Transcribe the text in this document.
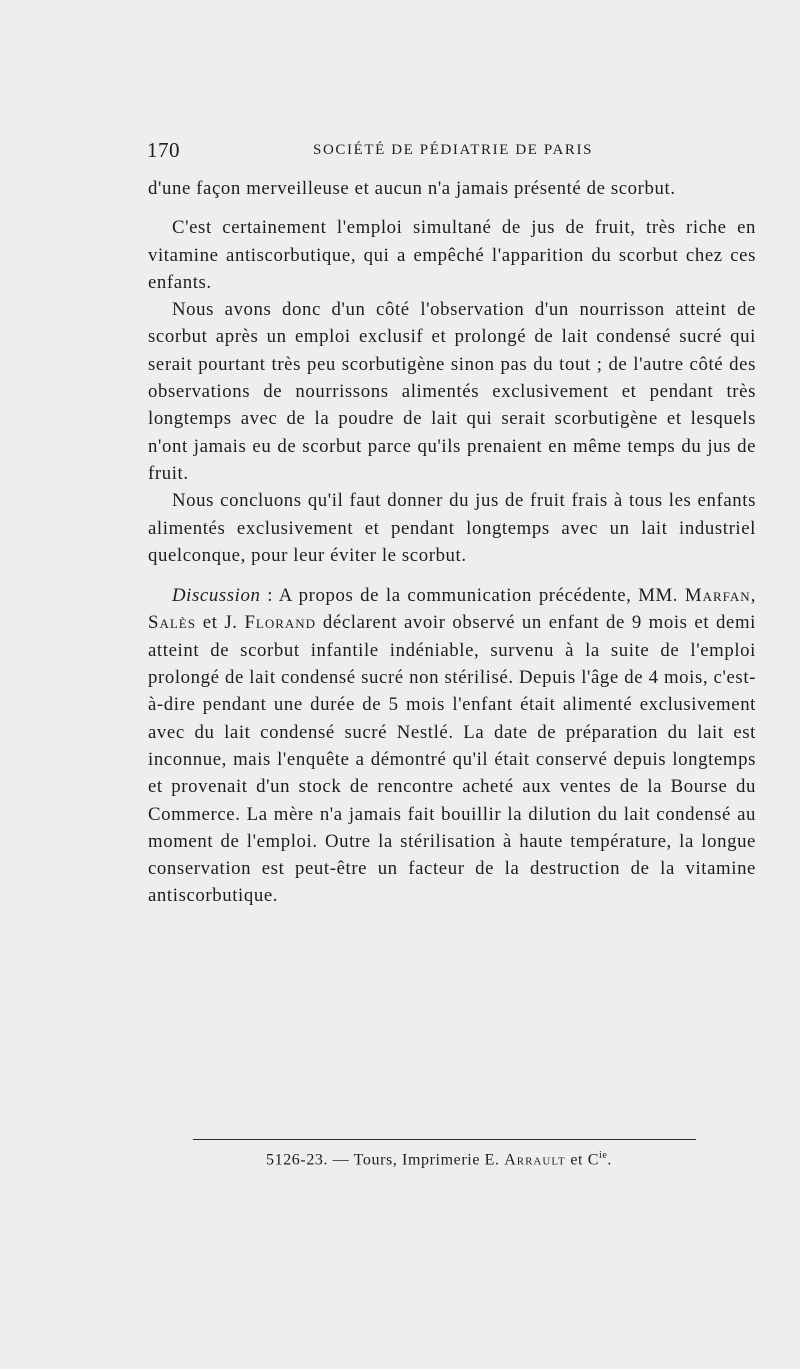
170	SOCIÉTÉ DE PÉDIATRIE DE PARIS

d'une façon merveilleuse et aucun n'a jamais présenté de scorbut.

C'est certainement l'emploi simultané de jus de fruit, très riche en vitamine antiscorbutique, qui a empêché l'apparition du scorbut chez ces enfants.

Nous avons donc d'un côté l'observation d'un nourrisson atteint de scorbut après un emploi exclusif et prolongé de lait condensé sucré qui serait pourtant très peu scorbutigène sinon pas du tout ; de l'autre côté des observations de nourrissons alimentés exclusivement et pendant très longtemps avec de la poudre de lait qui serait scorbutigène et lesquels n'ont jamais eu de scorbut parce qu'ils prenaient en même temps du jus de fruit.

Nous concluons qu'il faut donner du jus de fruit frais à tous les enfants alimentés exclusivement et pendant longtemps avec un lait industriel quelconque, pour leur éviter le scorbut.

Discussion : A propos de la communication précédente, MM. Marfan, Salès et J. Florand déclarent avoir observé un enfant de 9 mois et demi atteint de scorbut infantile indéniable, survenu à la suite de l'emploi prolongé de lait condensé sucré non stérilisé. Depuis l'âge de 4 mois, c'est-à-dire pendant une durée de 5 mois l'enfant était alimenté exclusivement avec du lait condensé sucré Nestlé. La date de préparation du lait est inconnue, mais l'enquête a démontré qu'il était conservé depuis longtemps et provenait d'un stock de rencontre acheté aux ventes de la Bourse du Commerce. La mère n'a jamais fait bouillir la dilution du lait condensé au moment de l'emploi. Outre la stérilisation à haute température, la longue conservation est peut-être un facteur de la destruction de la vitamine antiscorbutique.

5126-23. — Tours, Imprimerie E. Arrault et $C^{ie}$.
